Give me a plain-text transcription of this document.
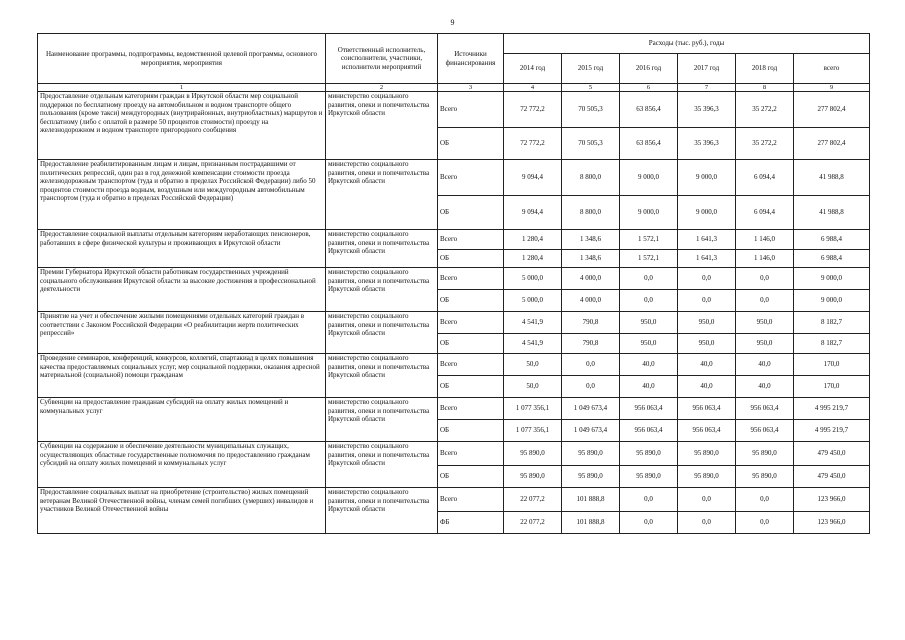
9
Наименование программы, подпрограммы, ведомственной целевой программы, основного мероприятия, мероприятия	Ответственный исполнитель, соисполнители, участники, исполнители мероприятий	Источники финансирования	Расходы (тыс. руб.), годы					
			2014 год	2015 год	2016 год	2017 год	2018 год	всего
1	2	3	4	5	6	7	8	9
Предоставление отдельным категориям граждан в Иркутской области мер социальной поддержки по бесплатному проезду на автомобильном и водном транспорте общего пользования (кроме такси) междугородных (внутрирайонных, внутриобластных) маршрутов и бесплатному (либо с оплатой в размере 50 процентов стоимости) проезду на железнодорожном и водном транспорте пригородного сообщения	министерство социального развития, опеки и попечительства Иркутской области	Всего	72 772,2	70 505,3	63 856,4	35 396,3	35 272,2	277 802,4
		ОБ	72 772,2	70 505,3	63 856,4	35 396,3	35 272,2	277 802,4
Предоставление реабилитированным лицам и лицам, признанным пострадавшими от политических репрессий, один раз в год денежной компенсации стоимости проезда железнодорожным транспортом (туда и обратно в пределах Российской Федерации) либо 50 процентов стоимости проезда водным, воздушным или междугородным автомобильным транспортом (туда и обратно в пределах Российской Федерации)	министерство социального развития, опеки и попечительства Иркутской области	Всего	9 094,4	8 800,0	9 000,0	9 000,0	6 094,4	41 988,8
		ОБ	9 094,4	8 800,0	9 000,0	9 000,0	6 094,4	41 988,8
Предоставление социальной выплаты отдельным категориям неработающих пенсионеров, работавших в сфере физической культуры и проживающих в Иркутской области	министерство социального развития, опеки и попечительства Иркутской области	Всего	1 280,4	1 348,6	1 572,1	1 641,3	1 146,0	6 988,4
		ОБ	1 280,4	1 348,6	1 572,1	1 641,3	1 146,0	6 988,4
Премии Губернатора Иркутской области работникам государственных учреждений социального обслуживания Иркутской области за высокие достижения в профессиональной деятельности	министерство социального развития, опеки и попечительства Иркутской области	Всего	5 000,0	4 000,0	0,0	0,0	0,0	9 000,0
		ОБ	5 000,0	4 000,0	0,0	0,0	0,0	9 000,0
Принятие на учет и обеспечение жилыми помещениями отдельных категорий граждан в соответствии с Законом Российской Федерации «О реабилитации жертв политических репрессий»	министерство социального развития, опеки и попечительства Иркутской области	Всего	4 541,9	790,8	950,0	950,0	950,0	8 182,7
		ОБ	4 541,9	790,8	950,0	950,0	950,0	8 182,7
Проведение семинаров, конференций, конкурсов, коллегий, спартакиад в целях повышения качества предоставляемых социальных услуг, мер социальной поддержки, оказания адресной материальной (социальной) помощи гражданам	министерство социального развития, опеки и попечительства Иркутской области	Всего	50,0	0,0	40,0	40,0	40,0	170,0
		ОБ	50,0	0,0	40,0	40,0	40,0	170,0
Субвенции на предоставление гражданам субсидий на оплату жилых помещений и коммунальных услуг	министерство социального развития, опеки и попечительства Иркутской области	Всего	1 077 356,1	1 049 673,4	956 063,4	956 063,4	956 063,4	4 995 219,7
		ОБ	1 077 356,1	1 049 673,4	956 063,4	956 063,4	956 063,4	4 995 219,7
Субвенции на содержание и обеспечение деятельности муниципальных служащих, осуществляющих областные государственные полномочия по предоставлению гражданам субсидий на оплату жилых помещений и коммунальных услуг	министерство социального развития, опеки и попечительства Иркутской области	Всего	95 890,0	95 890,0	95 890,0	95 890,0	95 890,0	479 450,0
		ОБ	95 890,0	95 890,0	95 890,0	95 890,0	95 890,0	479 450,0
Предоставление социальных выплат на приобретение (строительство) жилых помещений ветеранам Великой Отечественной войны, членам семей погибших (умерших) инвалидов и участников Великой Отечественной войны	министерство социального развития, опеки и попечительства Иркутской области	Всего	22 077,2	101 888,8	0,0	0,0	0,0	123 966,0
		ФБ	22 077,2	101 888,8	0,0	0,0	0,0	123 966,0
